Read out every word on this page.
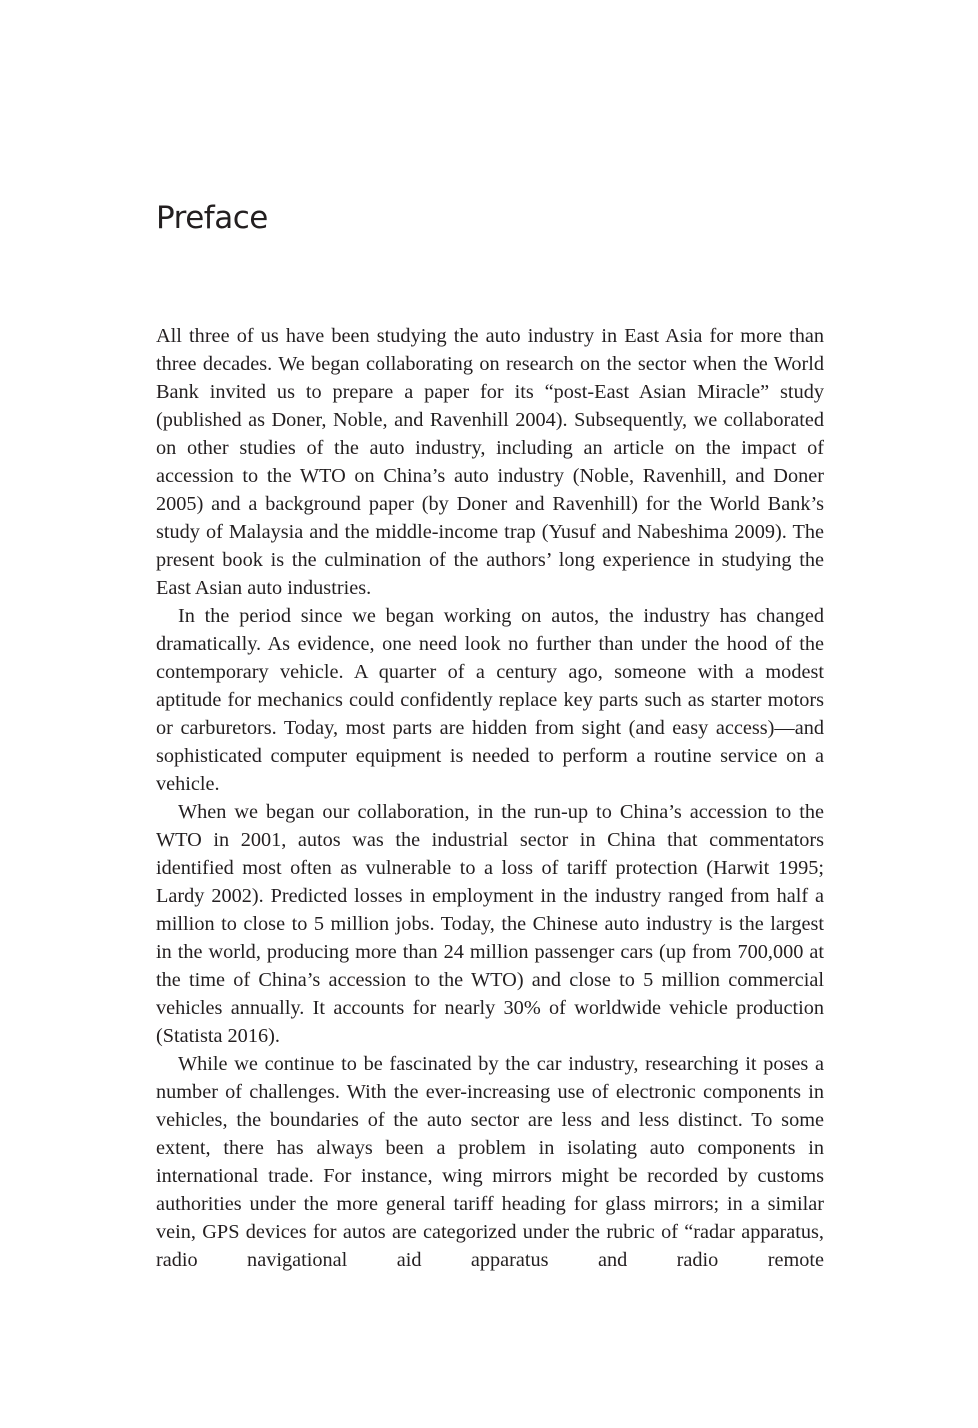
Preface

All three of us have been studying the auto industry in East Asia for more than three decades. We began collaborating on research on the sector when the World Bank invited us to prepare a paper for its “post-East Asian Miracle” study (published as Doner, Noble, and Ravenhill 2004). Subsequently, we collaborated on other studies of the auto industry, including an article on the impact of accession to the WTO on China’s auto industry (Noble, Ravenhill, and Doner 2005) and a background paper (by Doner and Ravenhill) for the World Bank’s study of Malaysia and the middle-income trap (Yusuf and Nabeshima 2009). The present book is the culmination of the authors’ long experience in studying the East Asian auto industries.

In the period since we began working on autos, the industry has changed dramatically. As evidence, one need look no further than under the hood of the contemporary vehicle. A quarter of a century ago, someone with a modest aptitude for mechanics could confidently replace key parts such as starter motors or carburetors. Today, most parts are hidden from sight (and easy access)—and sophisticated computer equipment is needed to perform a routine service on a vehicle.

When we began our collaboration, in the run-up to China’s accession to the WTO in 2001, autos was the industrial sector in China that commentators identified most often as vulnerable to a loss of tariff protection (Harwit 1995; Lardy 2002). Predicted losses in employment in the industry ranged from half a million to close to 5 million jobs. Today, the Chinese auto industry is the largest in the world, producing more than 24 million passenger cars (up from 700,000 at the time of China’s accession to the WTO) and close to 5 million commercial vehicles annually. It accounts for nearly 30% of worldwide vehicle production (Statista 2016).

While we continue to be fascinated by the car industry, researching it poses a number of challenges. With the ever-increasing use of electronic components in vehicles, the boundaries of the auto sector are less and less distinct. To some extent, there has always been a problem in isolating auto components in international trade. For instance, wing mirrors might be recorded by customs authorities under the more general tariff heading for glass mirrors; in a similar vein, GPS devices for autos are categorized under the rubric of “radar apparatus, radio navigational aid apparatus and radio remote
